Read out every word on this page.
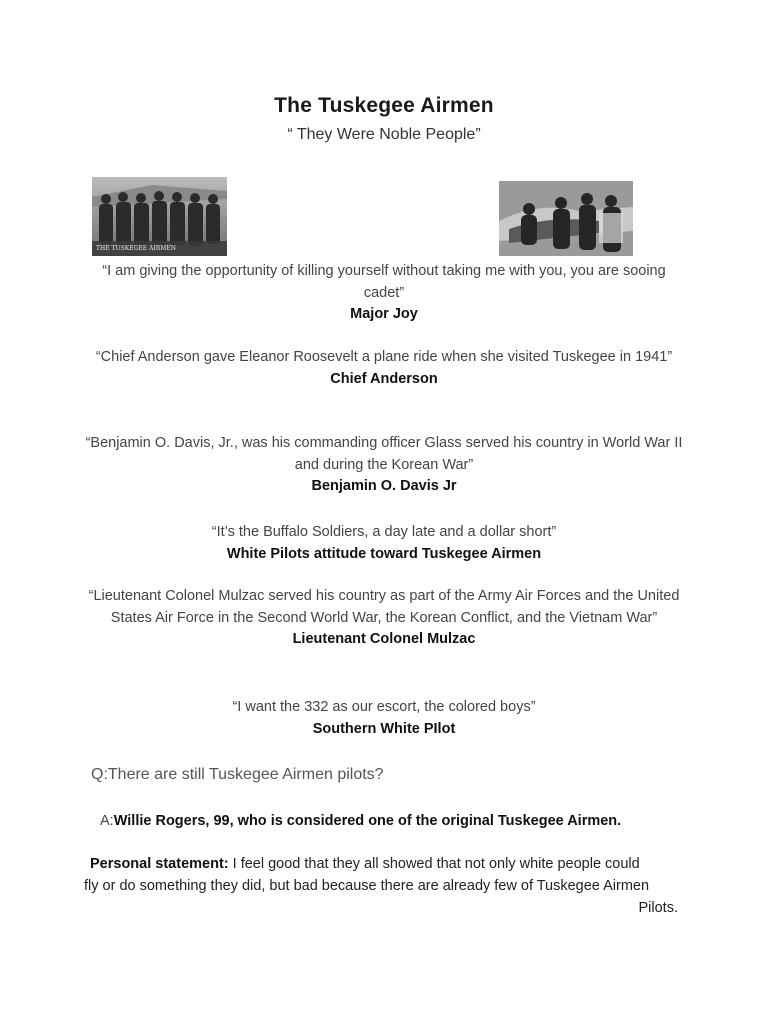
The Tuskegee Airmen
“ They Were Noble People”
THE TUSKEGEE AIRMEN
“I am giving the opportunity of killing yourself without taking me with you, you are sooing cadet”
Major Joy
“Chief Anderson gave Eleanor Roosevelt a plane ride when she visited Tuskegee in 1941”
Chief Anderson
“Benjamin O. Davis, Jr., was his commanding officer Glass served his country in World War II and during the Korean War”
Benjamin O. Davis Jr
“It’s the Buffalo Soldiers, a day late and a dollar short”
White Pilots attitude toward Tuskegee Airmen
“Lieutenant Colonel Mulzac served his country as part of the Army Air Forces and the United States Air Force in the Second World War, the Korean Conflict, and the Vietnam War”
Lieutenant Colonel Mulzac
“I want the 332 as our escort, the colored boys”
Southern White PIlot
Q:There are still Tuskegee Airmen pilots?
A:Willie Rogers, 99, who is considered one of the original Tuskegee Airmen.
Personal statement: I feel good that they all showed that not only white people could
fly or do something they did, but bad because there are already few of Tuskegee Airmen
Pilots.
